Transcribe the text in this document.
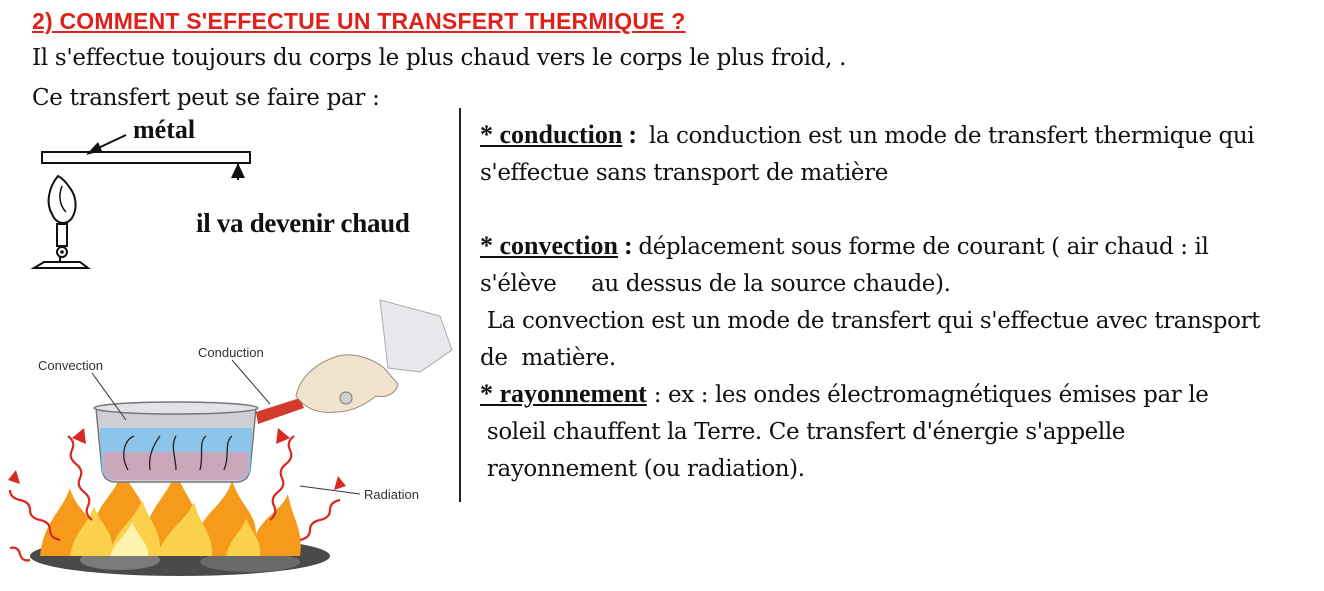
2) COMMENT S'EFFECTUE UN TRANSFERT THERMIQUE ?
Il s'effectue toujours du corps le plus chaud vers le corps le plus froid, .
Ce transfert peut se faire par :
métal
il va devenir chaud
Convection
Conduction
Radiation
* conduction :  la conduction est un mode de transfert thermique qui
s'effectue sans transport de matière
* convection : déplacement sous forme de courant ( air chaud : il
s'élève     au dessus de la source chaude).
La convection est un mode de transfert qui s'effectue avec transport
de  matière.
* rayonnement : ex : les ondes électromagnétiques émises par le
soleil chauffent la Terre. Ce transfert d'énergie s'appelle
rayonnement (ou radiation).
